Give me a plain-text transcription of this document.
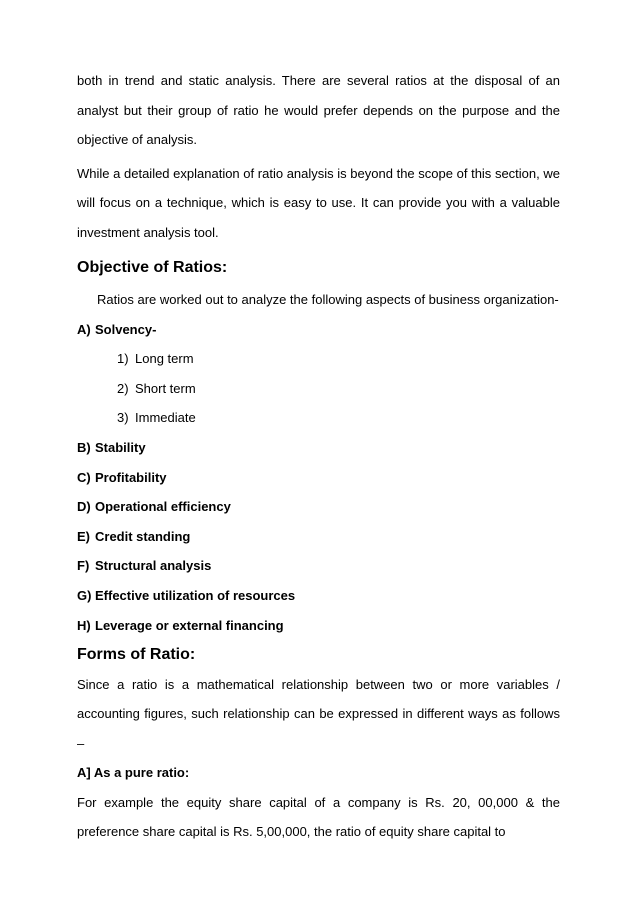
both in trend and static analysis. There are several ratios at the disposal of an analyst but their group of ratio he would prefer depends on the purpose and the objective of analysis.

While a detailed explanation of ratio analysis is beyond the scope of this section, we will focus on a technique, which is easy to use. It can provide you with a valuable investment analysis tool.

Objective of Ratios:

Ratios are worked out to analyze the following aspects of business organization-

A) Solvency-
1) Long term
2) Short term
3) Immediate
B) Stability
C) Profitability
D) Operational efficiency
E) Credit standing
F) Structural analysis
G) Effective utilization of resources
H) Leverage or external financing
Forms of Ratio:

Since a ratio is a mathematical relationship between two or more variables / accounting figures, such relationship can be expressed in different ways as follows –

A] As a pure ratio:

For example the equity share capital of a company is Rs. 20, 00,000 & the preference share capital is Rs. 5,00,000, the ratio of equity share capital to
